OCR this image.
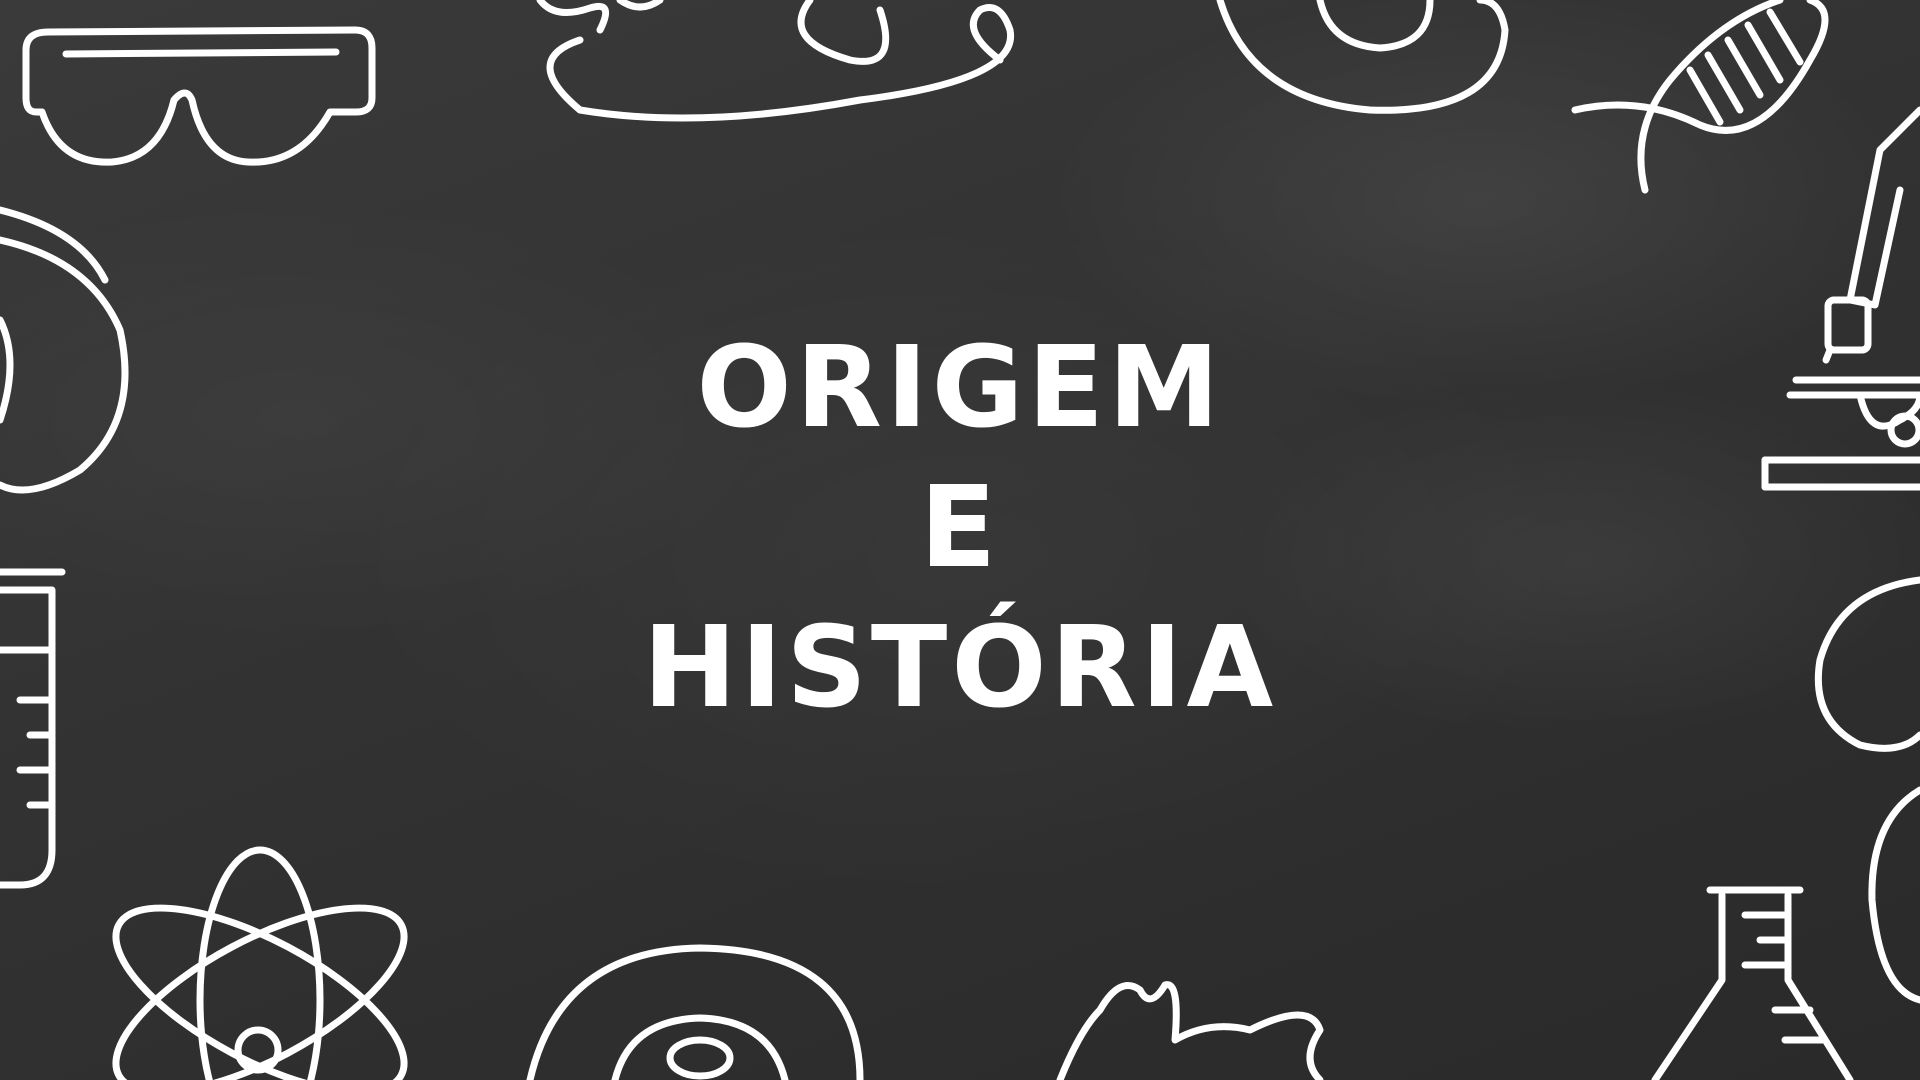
ORIGEM
E
HISTÓRIA
